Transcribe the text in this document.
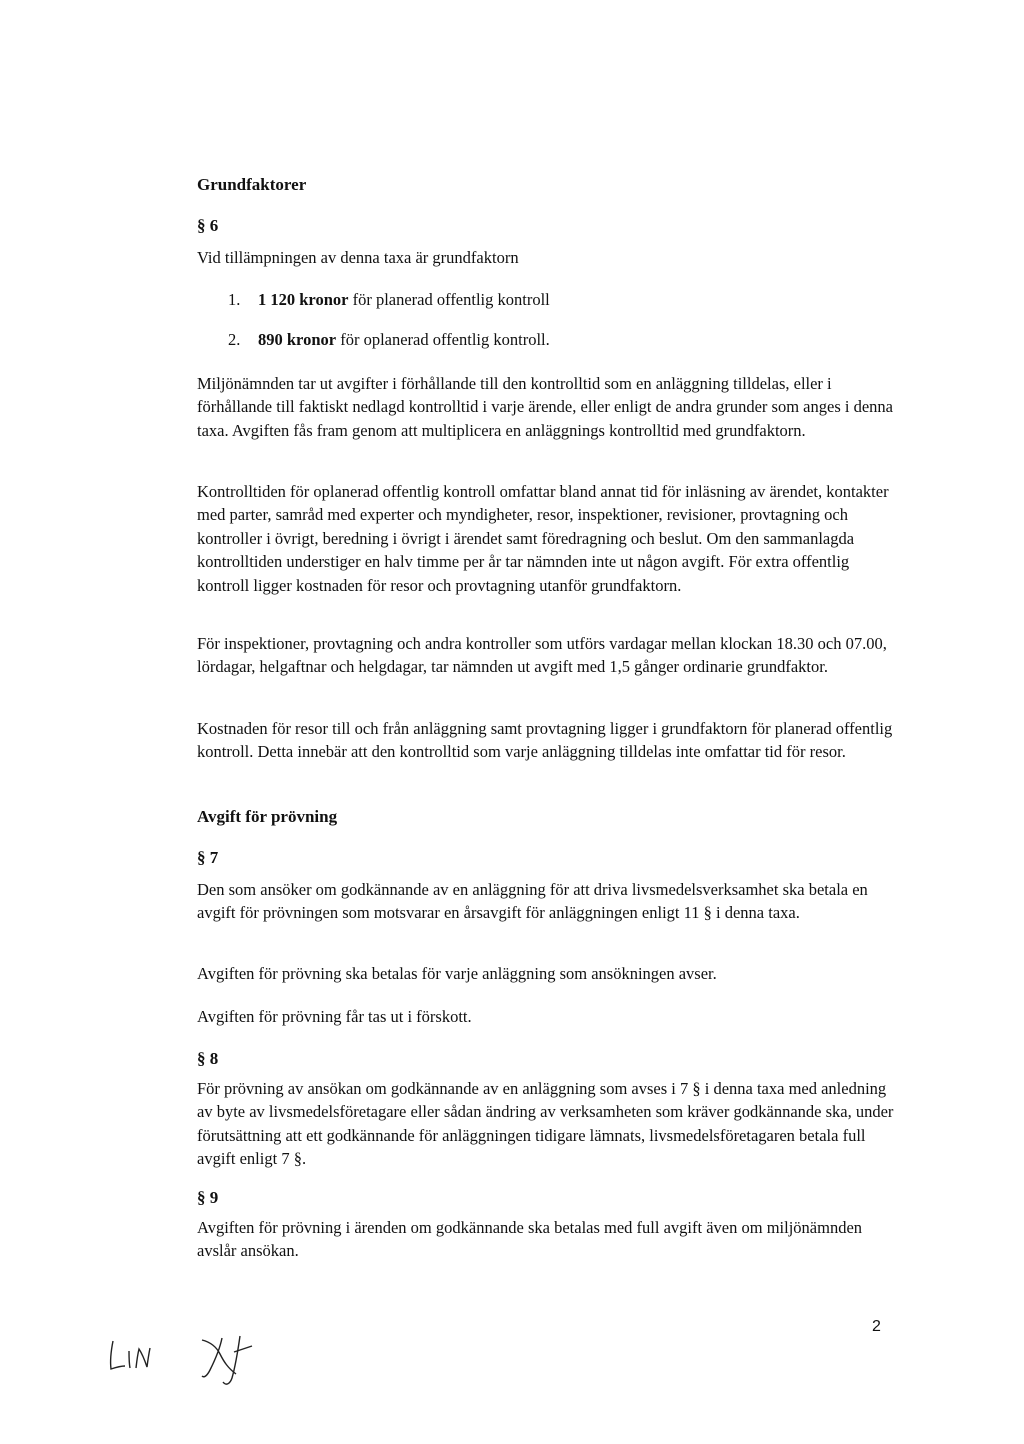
Grundfaktorer
§ 6

Vid tillämpningen av denna taxa är grundfaktorn

1. 1 120 kronor för planerad offentlig kontroll
2. 890 kronor för oplanerad offentlig kontroll.

Miljönämnden tar ut avgifter i förhållande till den kontrolltid som en anläggning tilldelas, eller i förhållande till faktiskt nedlagd kontrolltid i varje ärende, eller enligt de andra grunder som anges i denna taxa. Avgiften fås fram genom att multiplicera en anläggnings kontrolltid med grundfaktorn.

Kontrolltiden för oplanerad offentlig kontroll omfattar bland annat tid för inläsning av ärendet, kontakter med parter, samråd med experter och myndigheter, resor, inspektioner, revisioner, provtagning och kontroller i övrigt, beredning i övrigt i ärendet samt föredragning och beslut. Om den sammanlagda kontrolltiden understiger en halv timme per år tar nämnden inte ut någon avgift. För extra offentlig kontroll ligger kostnaden för resor och provtagning utanför grundfaktorn.

För inspektioner, provtagning och andra kontroller som utförs vardagar mellan klockan 18.30 och 07.00, lördagar, helgaftnar och helgdagar, tar nämnden ut avgift med 1,5 gånger ordinarie grundfaktor.

Kostnaden för resor till och från anläggning samt provtagning ligger i grundfaktorn för planerad offentlig kontroll. Detta innebär att den kontrolltid som varje anläggning tilldelas inte omfattar tid för resor.

Avgift för prövning
§ 7

Den som ansöker om godkännande av en anläggning för att driva livsmedelsverksamhet ska betala en avgift för prövningen som motsvarar en årsavgift för anläggningen enligt 11 § i denna taxa.

Avgiften för prövning ska betalas för varje anläggning som ansökningen avser.

Avgiften för prövning får tas ut i förskott.

§ 8

För prövning av ansökan om godkännande av en anläggning som avses i 7 § i denna taxa med anledning av byte av livsmedelsföretagare eller sådan ändring av verksamheten som kräver godkännande ska, under förutsättning att ett godkännande för anläggningen tidigare lämnats, livsmedelsföretagaren betala full avgift enligt 7 §.

§ 9

Avgiften för prövning i ärenden om godkännande ska betalas med full avgift även om miljönämnden avslår ansökan.

2
